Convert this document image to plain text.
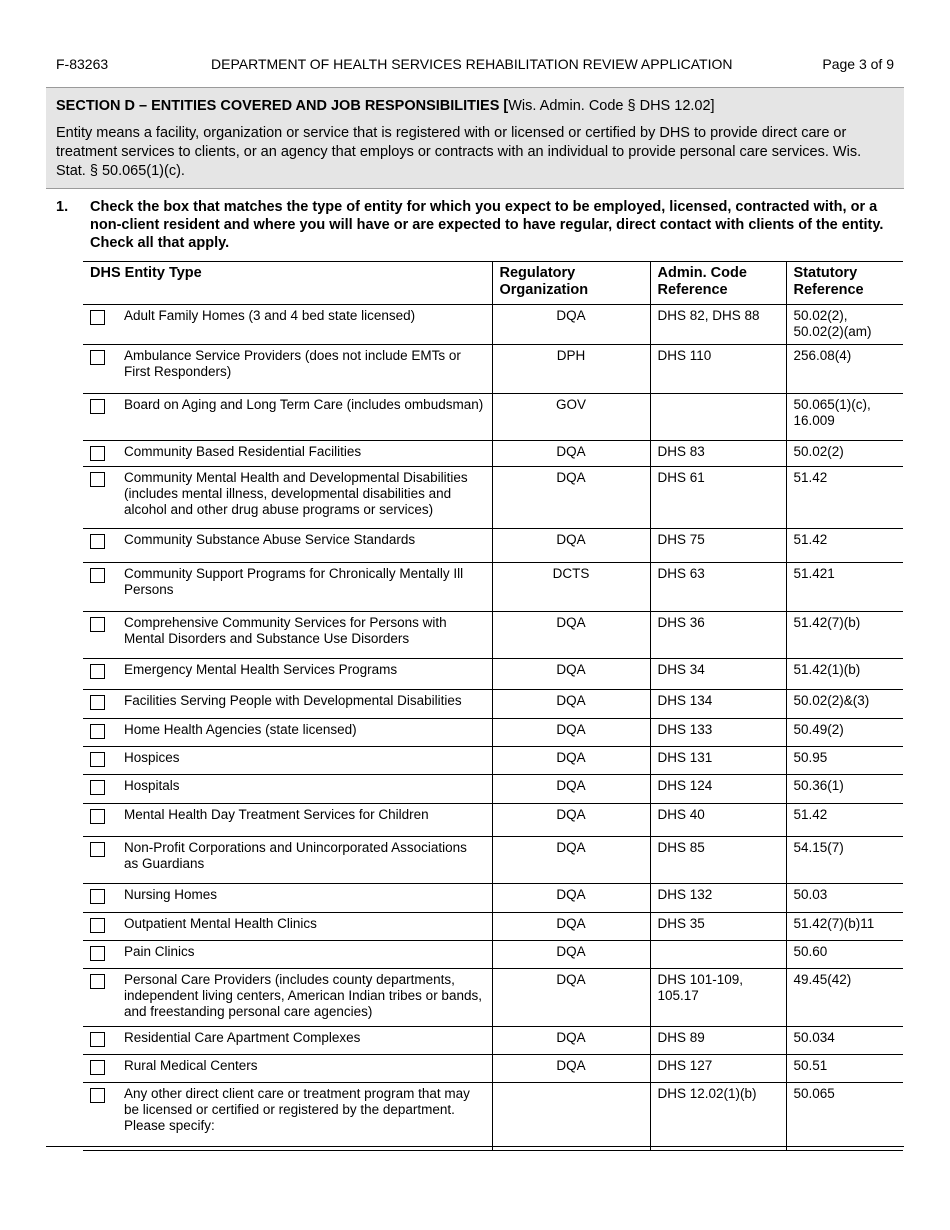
F-83263	DEPARTMENT OF HEALTH SERVICES REHABILITATION REVIEW APPLICATION	Page 3 of 9
SECTION D – ENTITIES COVERED AND JOB RESPONSIBILITIES [Wis. Admin. Code § DHS 12.02]
Entity means a facility, organization or service that is registered with or licensed or certified by DHS to provide direct care or treatment services to clients, or an agency that employs or contracts with an individual to provide personal care services. Wis. Stat. § 50.065(1)(c).
1. Check the box that matches the type of entity for which you expect to be employed, licensed, contracted with, or a non-client resident and where you will have or are expected to have regular, direct contact with clients of the entity. Check all that apply.
DHS Entity Type		Regulatory Organization	Admin. Code Reference	Statutory Reference

	Adult Family Homes (3 and 4 bed state licensed)	DQA	DHS 82, DHS 88	50.02(2), 50.02(2)(am)

	Ambulance Service Providers (does not include EMTs or First Responders)	DPH	DHS 110	256.08(4)

	Board on Aging and Long Term Care (includes ombudsman)	GOV		50.065(1)(c), 16.009

	Community Based Residential Facilities	DQA	DHS 83	50.02(2)

	Community Mental Health and Developmental Disabilities (includes mental illness, developmental disabilities and alcohol and other drug abuse programs or services)	DQA	DHS 61	51.42

	Community Substance Abuse Service Standards	DQA	DHS 75	51.42

	Community Support Programs for Chronically Mentally Ill Persons	DCTS	DHS 63	51.421

	Comprehensive Community Services for Persons with Mental Disorders and Substance Use Disorders	DQA	DHS 36	51.42(7)(b)

	Emergency Mental Health Services Programs	DQA	DHS 34	51.42(1)(b)

	Facilities Serving People with Developmental Disabilities	DQA	DHS 134	50.02(2)&(3)

	Home Health Agencies (state licensed)	DQA	DHS 133	50.49(2)

	Hospices	DQA	DHS 131	50.95

	Hospitals	DQA	DHS 124	50.36(1)

	Mental Health Day Treatment Services for Children	DQA	DHS 40	51.42

	Non-Profit Corporations and Unincorporated Associations as Guardians	DQA	DHS 85	54.15(7)

	Nursing Homes	DQA	DHS 132	50.03

	Outpatient Mental Health Clinics	DQA	DHS 35	51.42(7)(b)11

	Pain Clinics	DQA		50.60

	Personal Care Providers (includes county departments, independent living centers, American Indian tribes or bands, and freestanding personal care agencies)	DQA	DHS 101-109, 105.17	49.45(42)

	Residential Care Apartment Complexes	DQA	DHS 89	50.034

	Rural Medical Centers	DQA	DHS 127	50.51

	Any other direct client care or treatment program that may be licensed or certified or registered by the department. Please specify:		DHS 12.02(1)(b)	50.065
